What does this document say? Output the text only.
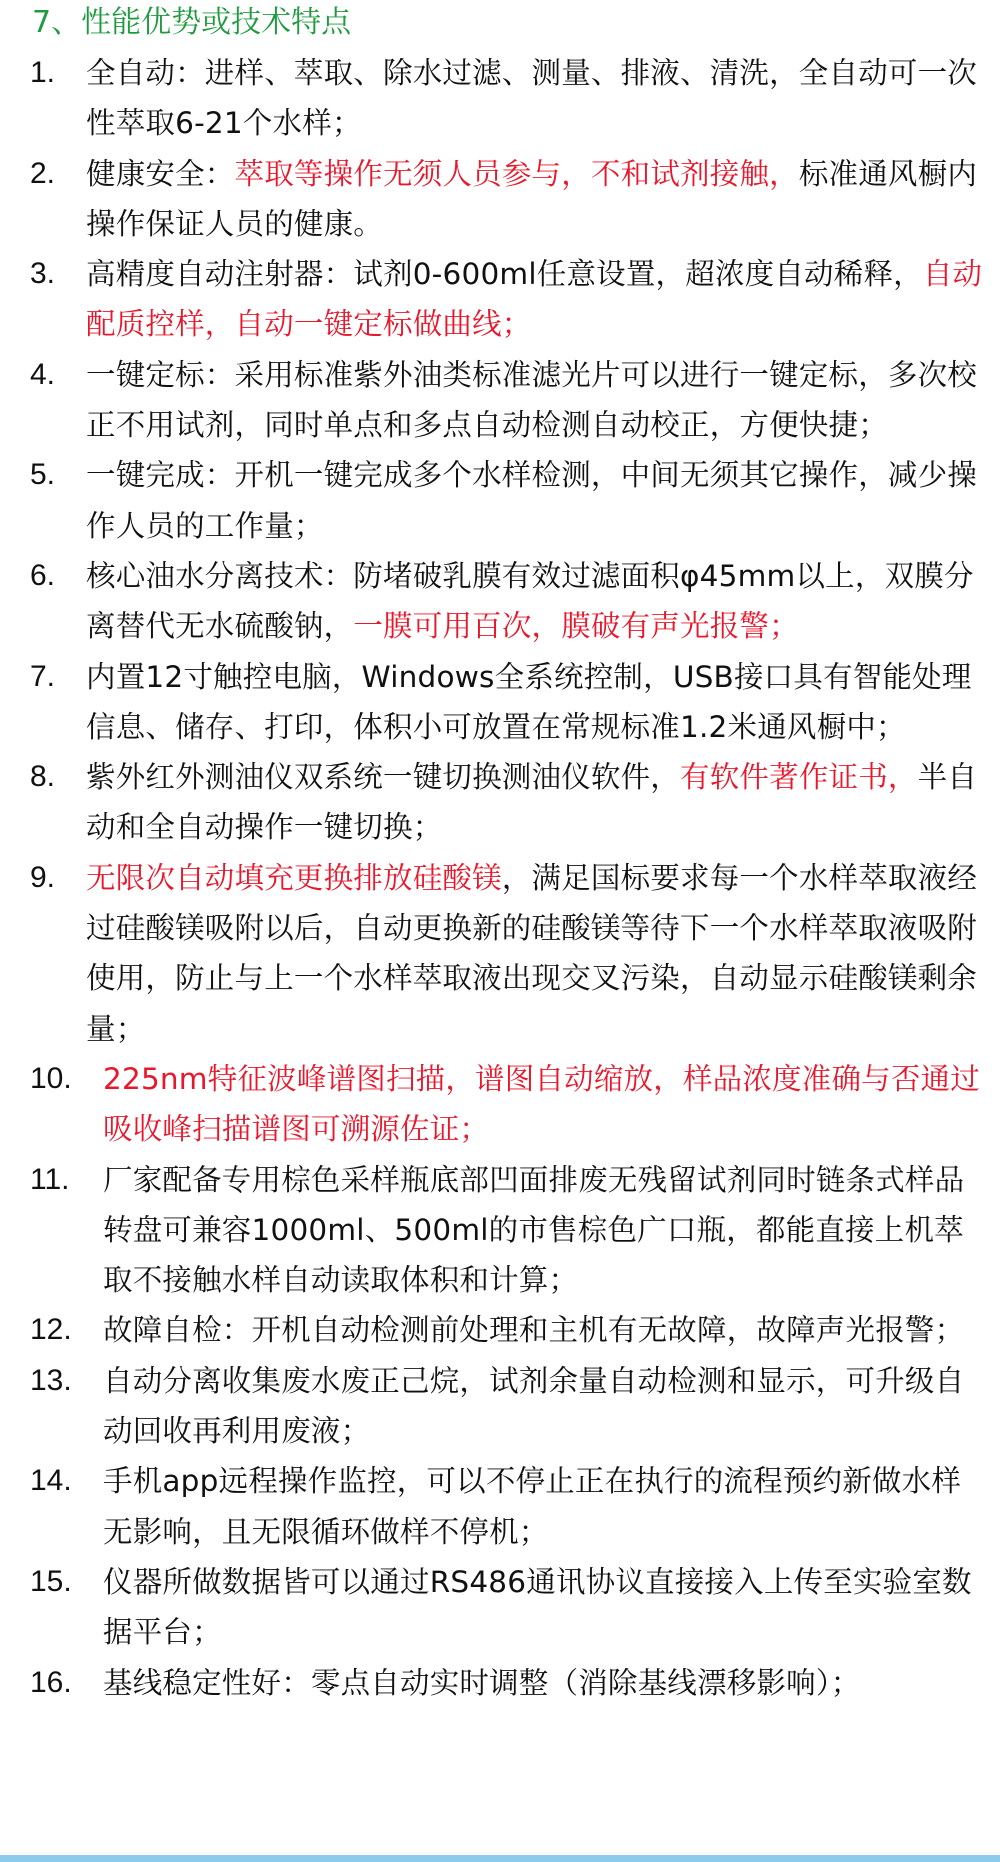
7、性能优势或技术特点
1. 全自动：进样、萃取、除水过滤、测量、排液、清洗，全自动可一次性萃取6-21个水样；
2. 健康安全：萃取等操作无须人员参与，不和试剂接触，标准通风橱内操作保证人员的健康。
3. 高精度自动注射器：试剂0-600ml任意设置，超浓度自动稀释，自动配质控样，自动一键定标做曲线；
4. 一键定标：采用标准紫外油类标准滤光片可以进行一键定标，多次校正不用试剂，同时单点和多点自动检测自动校正，方便快捷；
5. 一键完成：开机一键完成多个水样检测，中间无须其它操作，减少操作人员的工作量；
6. 核心油水分离技术：防堵破乳膜有效过滤面积φ45mm以上，双膜分离替代无水硫酸钠，一膜可用百次，膜破有声光报警；
7. 内置12寸触控电脑，Windows全系统控制，USB接口具有智能处理信息、储存、打印，体积小可放置在常规标准1.2米通风橱中；
8. 紫外红外测油仪双系统一键切换测油仪软件，有软件著作证书，半自动和全自动操作一键切换；
9. 无限次自动填充更换排放硅酸镁，满足国标要求每一个水样萃取液经过硅酸镁吸附以后，自动更换新的硅酸镁等待下一个水样萃取液吸附使用，防止与上一个水样萃取液出现交叉污染，自动显示硅酸镁剩余量；
10. 225nm特征波峰谱图扫描，谱图自动缩放，样品浓度准确与否通过吸收峰扫描谱图可溯源佐证；
11. 厂家配备专用棕色采样瓶底部凹面排废无残留试剂同时链条式样品转盘可兼容1000ml、500ml的市售棕色广口瓶，都能直接上机萃取不接触水样自动读取体积和计算；
12. 故障自检：开机自动检测前处理和主机有无故障，故障声光报警；
13. 自动分离收集废水废正己烷，试剂余量自动检测和显示，可升级自动回收再利用废液；
14. 手机app远程操作监控，可以不停止正在执行的流程预约新做水样无影响，且无限循环做样不停机；
15. 仪器所做数据皆可以通过RS486通讯协议直接接入上传至实验室数据平台；
16. 基线稳定性好：零点自动实时调整（消除基线漂移影响）；
